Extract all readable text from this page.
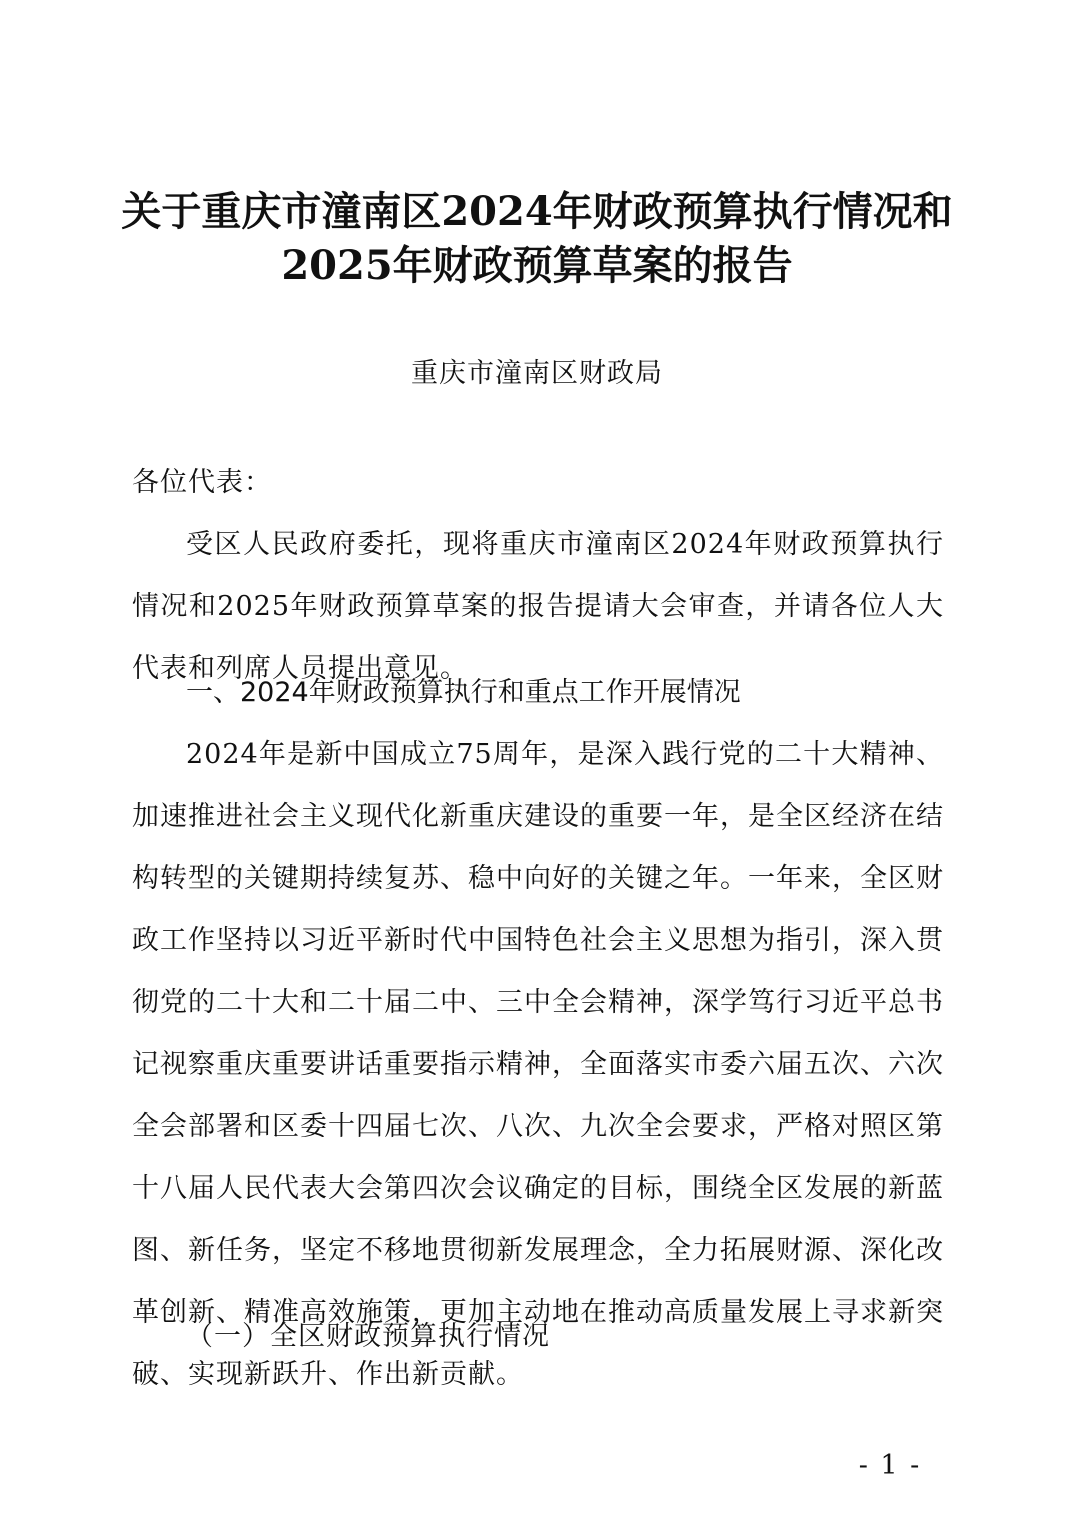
关于重庆市潼南区2024年财政预算执行情况和
2025年财政预算草案的报告
重庆市潼南区财政局
各位代表：
受区人民政府委托，现将重庆市潼南区2024年财政预算执行情况和2025年财政预算草案的报告提请大会审查，并请各位人大代表和列席人员提出意见。
一、2024年财政预算执行和重点工作开展情况
2024年是新中国成立75周年，是深入践行党的二十大精神、加速推进社会主义现代化新重庆建设的重要一年，是全区经济在结构转型的关键期持续复苏、稳中向好的关键之年。一年来，全区财政工作坚持以习近平新时代中国特色社会主义思想为指引，深入贯彻党的二十大和二十届二中、三中全会精神，深学笃行习近平总书记视察重庆重要讲话重要指示精神，全面落实市委六届五次、六次全会部署和区委十四届七次、八次、九次全会要求，严格对照区第十八届人民代表大会第四次会议确定的目标，围绕全区发展的新蓝图、新任务，坚定不移地贯彻新发展理念，全力拓展财源、深化改革创新、精准高效施策，更加主动地在推动高质量发展上寻求新突破、实现新跃升、作出新贡献。
（一）全区财政预算执行情况
- 1 -
